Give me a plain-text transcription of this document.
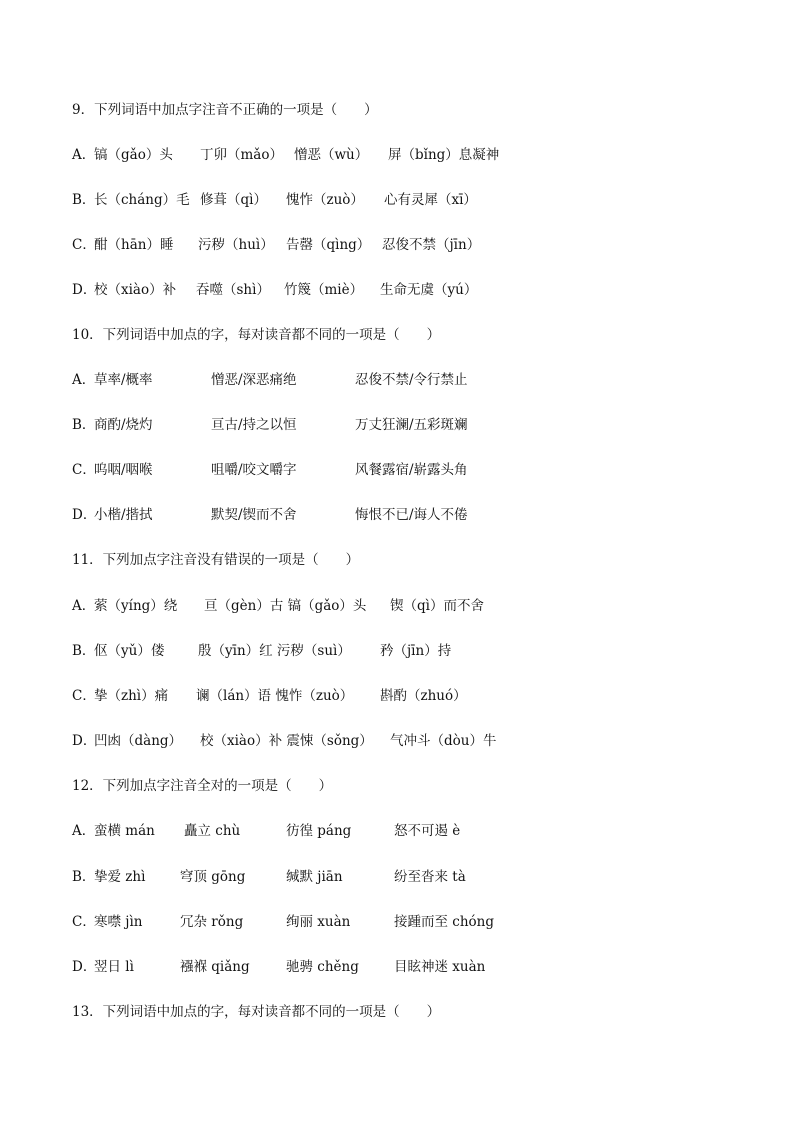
9．下列词语中加点字注音不正确的一项是（　　）
A．
镐（gǎo）头 丁卯（mǎo） 憎恶（wù） 屏（bǐng）息凝神
B．
长（cháng）毛 修葺（qì） 愧怍（zuò） 心有灵犀（xī）
C．
酣（hān）睡 污秽（huì） 告罄（qìng） 忍俊不禁（jīn）
D．
校（xiào）补 吞噬（shì） 竹篾（miè） 生命无虞（yú）
10．下列词语中加点的字，每对读音都不同的一项是（　　）
A．
草率/概率	憎恶/深恶痛绝	忍俊不禁/令行禁止
B．
商酌/烧灼	亘古/持之以恒	万丈狂澜/五彩斑斓
C．
呜咽/咽喉	咀嚼/咬文嚼字	风餐露宿/崭露头角
D．
小楷/揩拭	默契/锲而不舍	悔恨不已/诲人不倦
11．下列加点字注音没有错误的一项是（　　）
A．
萦（yíng）绕 亘（gèn）古 镐（gǎo）头 锲（qì）而不舍
B．
伛（yǔ）偻 殷（yīn）红 污秽（suì） 矜（jīn）持
C．
挚（zhì）痛 谰（lán）语 愧怍（zuò） 斟酌（zhuó）
D．
凹凼（dàng） 校（xiào）补 震悚（sǒng） 气冲斗（dòu）牛
12．下列加点字注音全对的一项是（　　）
A．
蛮横 mán 矗立 chù	彷徨 páng	怒不可遏 è
B．
挚爱 zhì	穹顶 gōng	缄默 jiān	纷至沓来 tà
C．
寒噤 jìn	冗杂 rǒng	绚丽 xuàn	接踵而至 chóng
D．
翌日 lì	襁褓 qiǎng	驰骋 chěng	目眩神迷 xuàn
13．下列词语中加点的字，每对读音都不同的一项是（　　）
